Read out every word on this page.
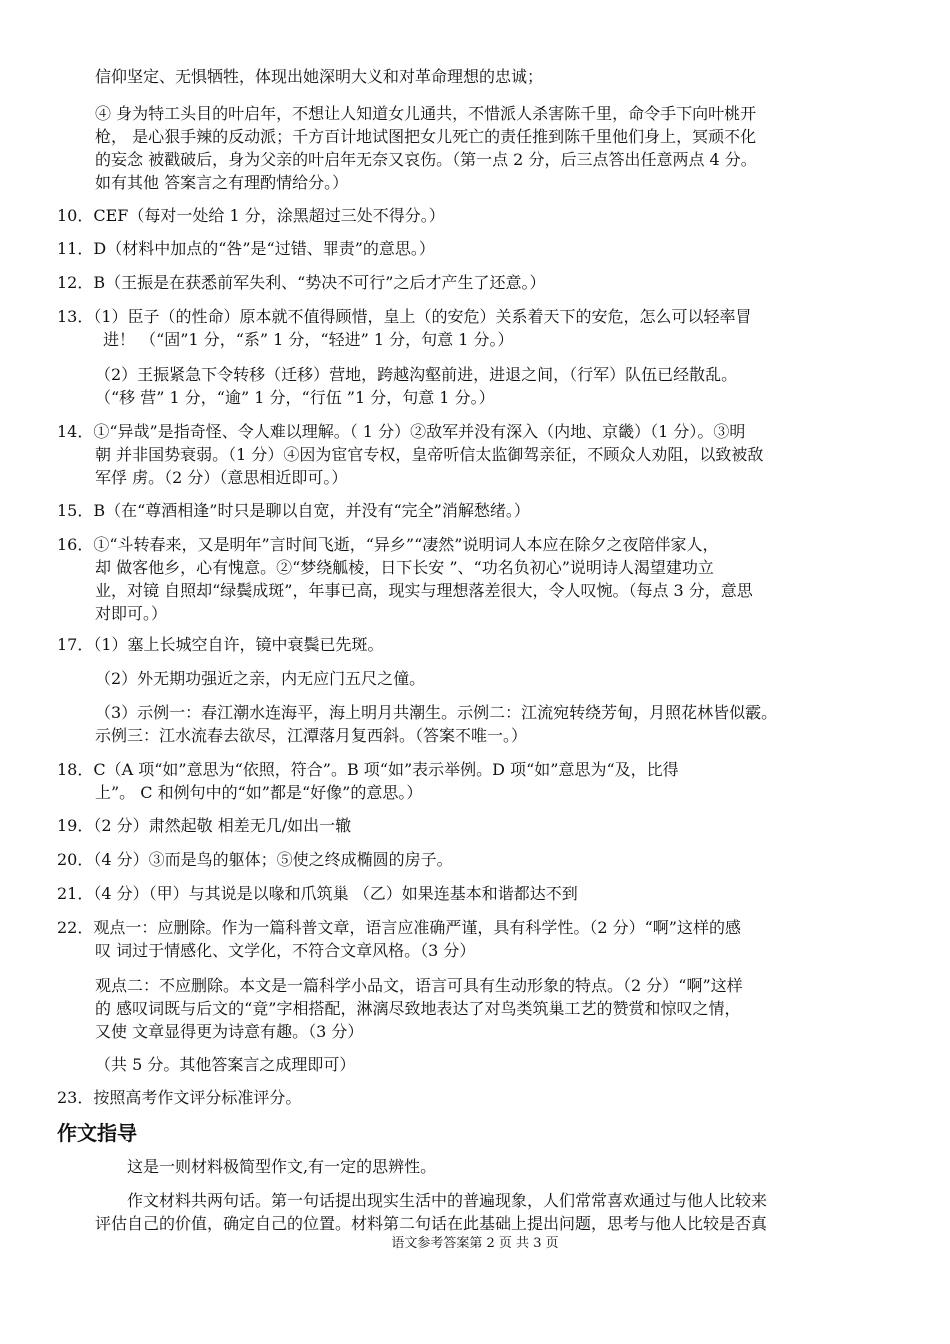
信仰坚定、无惧牺牲，体现出她深明大义和对革命理想的忠诚；
④ 身为特工头目的叶启年，不想让人知道女儿通共，不惜派人杀害陈千里，命令手下向叶桃开
枪， 是心狠手辣的反动派；千方百计地试图把女儿死亡的责任推到陈千里他们身上，冥顽不化
的妄念 被戳破后，身为父亲的叶启年无奈又哀伤。（第一点 2 分，后三点答出任意两点 4 分。
如有其他 答案言之有理酌情给分。）
10．CEF（每对一处给 1 分，涂黑超过三处不得分。）
11．D（材料中加点的“咎”是“过错、罪责”的意思。）
12．B（王振是在获悉前军失利、“势决不可行”之后才产生了还意。）
13．（1）臣子（的性命）原本就不值得顾惜，皇上（的安危）关系着天下的安危，怎么可以轻率冒
进！ （“固”1 分，“系” 1 分，“轻进” 1 分，句意 1 分。）
（2）王振紧急下令转移（迁移）营地，跨越沟壑前进，进退之间，（行军）队伍已经散乱。
（“移 营” 1 分，“逾” 1 分，“行伍 ”1 分，句意 1 分。）
14．①“异哉”是指奇怪、令人难以理解。（ 1 分）②敌军并没有深入（内地、京畿）（1 分）。③明
朝 并非国势衰弱。（1 分）④因为宦官专权，皇帝听信太监御驾亲征，不顾众人劝阻，以致被敌
军俘 虏。（2 分）（意思相近即可。）
15．B（在“尊酒相逢”时只是聊以自宽，并没有“完全”消解愁绪。）
16．①“斗转春来，又是明年”言时间飞逝，“异乡”“凄然”说明词人本应在除夕之夜陪伴家人，
却 做客他乡，心有愧意。②“梦绕觚棱，日下长安 ”、“功名负初心”说明诗人渴望建功立
业，对镜 自照却“绿鬓成斑”，年事已高，现实与理想落差很大，令人叹惋。（每点 3 分，意思
对即可。）
17．（1）塞上长城空自许，镜中衰鬓已先斑。
（2）外无期功强近之亲，内无应门五尺之僮。
（3）示例一：春江潮水连海平，海上明月共潮生。示例二：江流宛转绕芳甸，月照花林皆似霰。
示例三：江水流春去欲尽，江潭落月复西斜。（答案不唯一。）
18．C（A 项“如”意思为“依照，符合”。B 项“如”表示举例。D 项“如”意思为“及，比得
上”。 C 和例句中的“如”都是“好像”的意思。）
19．（2 分）肃然起敬 相差无几/如出一辙
20．（4 分）③而是鸟的躯体；⑤使之终成椭圆的房子。
21．（4 分）（甲）与其说是以喙和爪筑巢 （乙）如果连基本和谐都达不到
22．观点一：应删除。作为一篇科普文章，语言应准确严谨，具有科学性。（2 分）“啊”这样的感
叹 词过于情感化、文学化，不符合文章风格。（3 分）
观点二：不应删除。本文是一篇科学小品文，语言可具有生动形象的特点。（2 分）“啊”这样
的 感叹词既与后文的“竟”字相搭配，淋漓尽致地表达了对鸟类筑巢工艺的赞赏和惊叹之情，
又使 文章显得更为诗意有趣。（3 分）
（共 5 分。其他答案言之成理即可）
23．按照高考作文评分标准评分。
作文指导
这是一则材料极简型作文,有一定的思辨性。
作文材料共两句话。第一句话提出现实生活中的普遍现象，人们常常喜欢通过与他人比较来
评估自己的价值，确定自己的位置。材料第二句话在此基础上提出问题，思考与他人比较是否真
语文参考答案第 2 页 共 3 页
